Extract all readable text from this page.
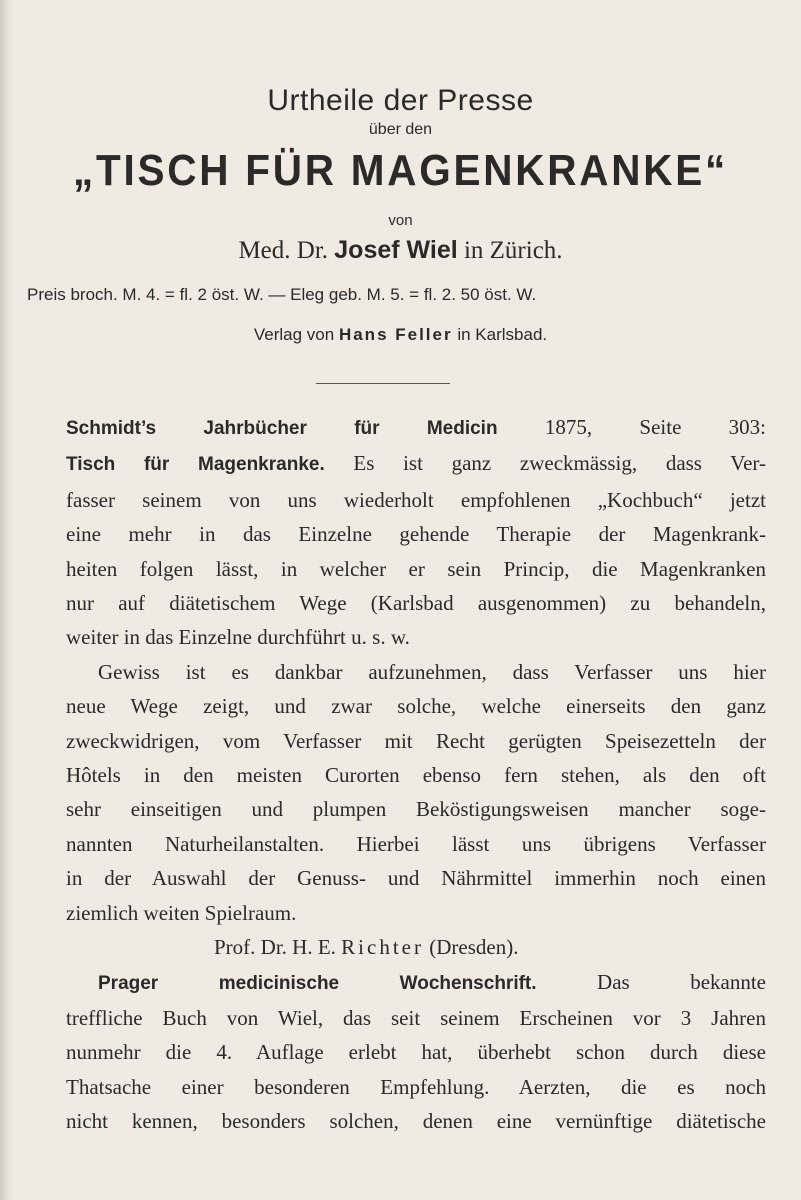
Urtheile der Presse
über den
„TISCH FÜR MAGENKRANKE“
von
Med. Dr. Josef Wiel in Zürich.
Preis broch. M. 4. = fl. 2 öst. W. — Eleg geb. M. 5. = fl. 2. 50 öst. W.
Verlag von Hans Feller in Karlsbad.
Schmidt’s Jahrbücher für Medicin 1875, Seite 303:
Tisch für Magenkranke. Es ist ganz zweckmässig, dass Ver-
fasser seinem von uns wiederholt empfohlenen „Kochbuch“ jetzt
eine mehr in das Einzelne gehende Therapie der Magenkrank-
heiten folgen lässt, in welcher er sein Princip, die Magenkranken
nur auf diätetischem Wege (Karlsbad ausgenommen) zu behandeln,
weiter in das Einzelne durchführt u. s. w.
Gewiss ist es dankbar aufzunehmen, dass Verfasser uns hier
neue Wege zeigt, und zwar solche, welche einerseits den ganz
zweckwidrigen, vom Verfasser mit Recht gerügten Speisezetteln der
Hôtels in den meisten Curorten ebenso fern stehen, als den oft
sehr einseitigen und plumpen Beköstigungsweisen mancher soge-
nannten Naturheilanstalten. Hierbei lässt uns übrigens Verfasser
in der Auswahl der Genuss- und Nährmittel immerhin noch einen
ziemlich weiten Spielraum.
Prof. Dr. H. E. Richter (Dresden).
Prager medicinische Wochenschrift.	Das bekannte
treffliche Buch von Wiel, das seit seinem Erscheinen vor 3 Jahren
nunmehr die 4. Auflage erlebt hat, überhebt schon durch diese
Thatsache einer besonderen Empfehlung. Aerzten, die es noch
nicht kennen, besonders solchen, denen eine vernünftige diätetische
